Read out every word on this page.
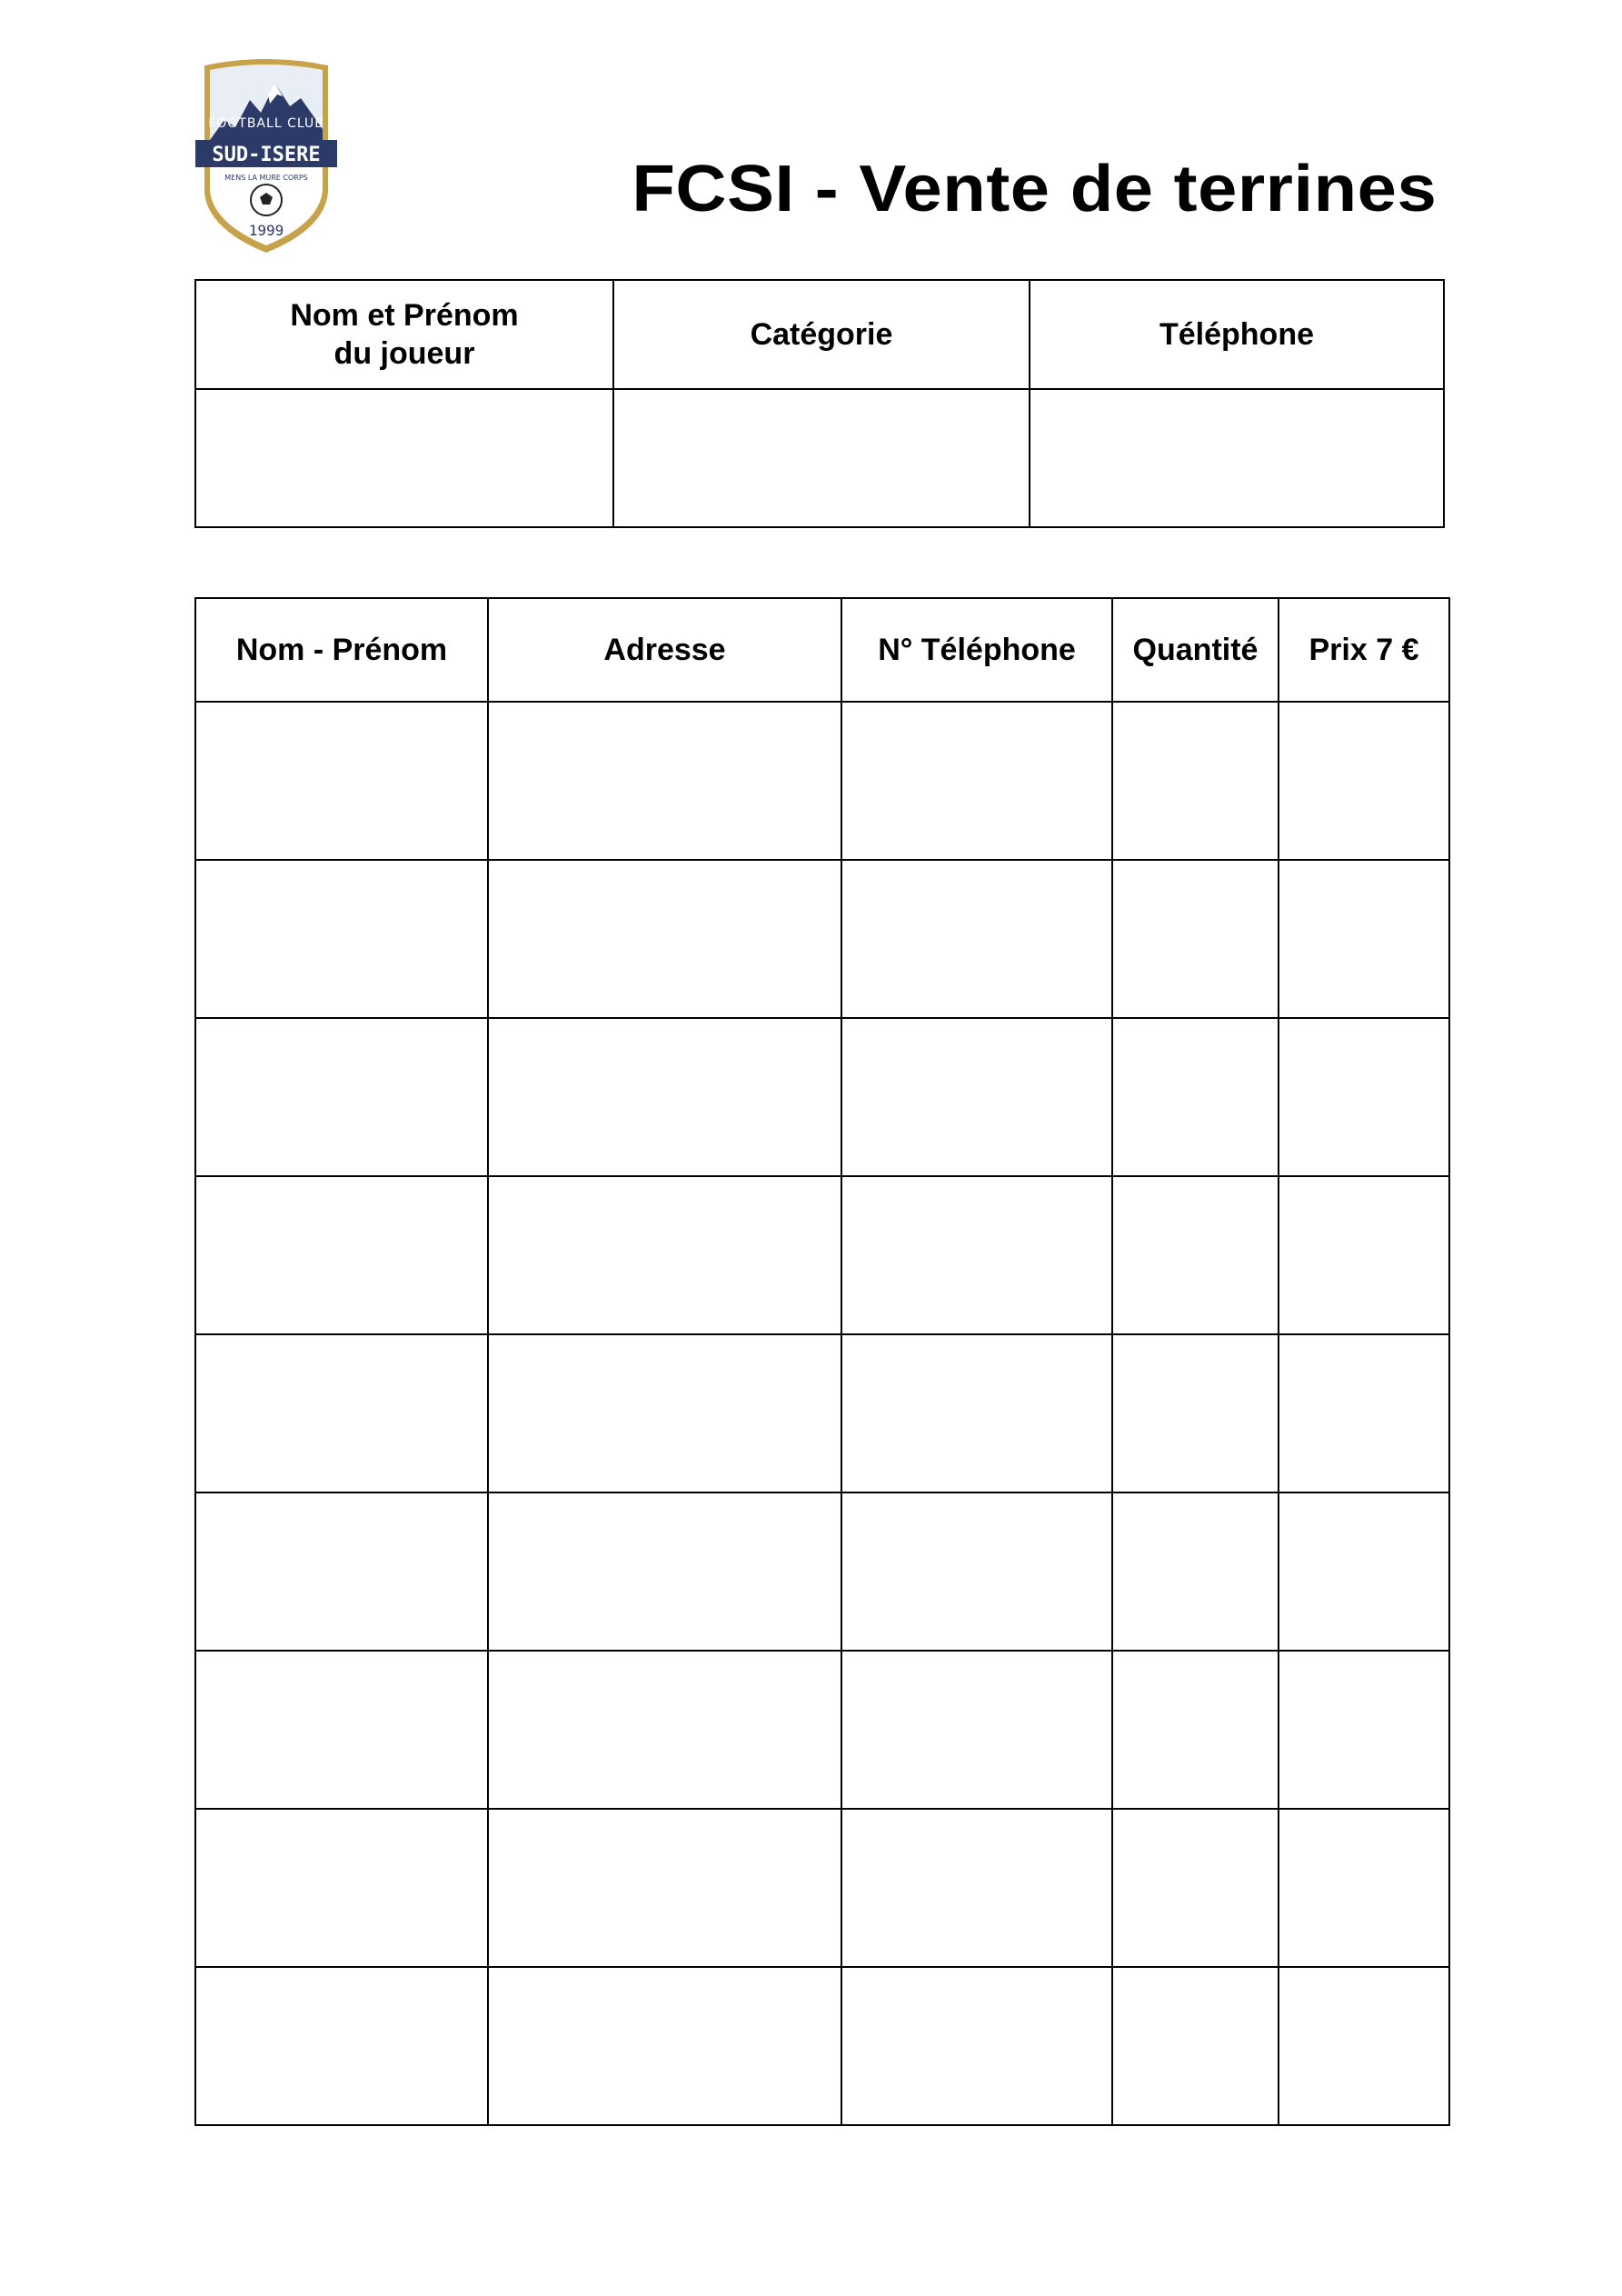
FOOTBALL CLUB
SUD-ISERE
MENS LA MURE CORPS
1999
FCSI - Vente de terrines
Nom et Prénom
du joueur	Catégorie	Téléphone

Nom - Prénom	Adresse	N° Téléphone	Quantité	Prix 7 €
